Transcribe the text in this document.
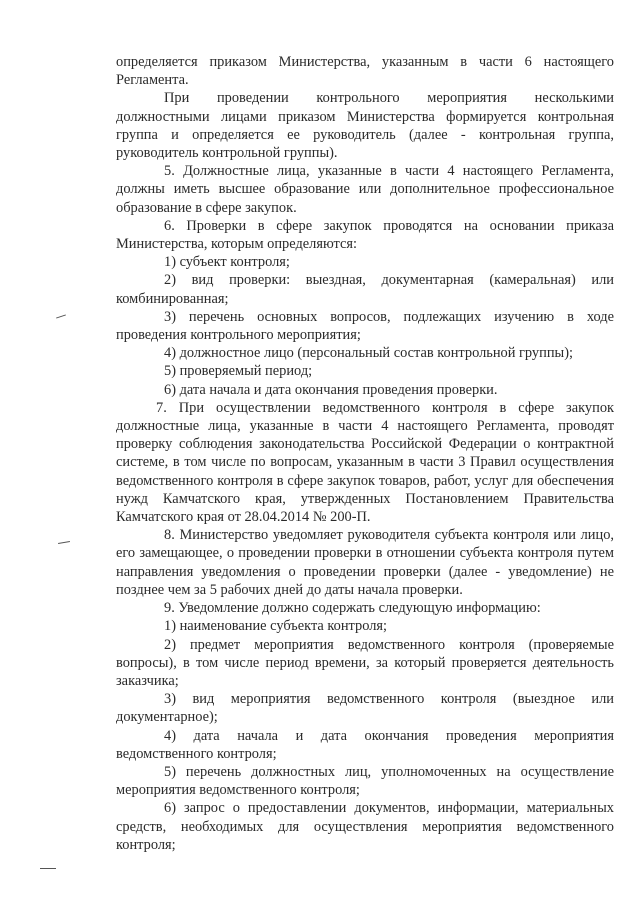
определяется приказом Министерства, указанным в части 6 настоящего Регламента.

При проведении контрольного мероприятия несколькими должностными лицами приказом Министерства формируется контрольная группа и определяется ее руководитель (далее - контрольная группа, руководитель контрольной группы).

5. Должностные лица, указанные в части 4 настоящего Регламента, должны иметь высшее образование или дополнительное профессиональное образование в сфере закупок.

6. Проверки в сфере закупок проводятся на основании приказа Министерства, которым определяются:

1) субъект контроля;

2) вид проверки: выездная, документарная (камеральная) или комбинированная;

3) перечень основных вопросов, подлежащих изучению в ходе проведения контрольного мероприятия;

4) должностное лицо (персональный состав контрольной группы);

5) проверяемый период;

6) дата начала и дата окончания проведения проверки.

7. При осуществлении ведомственного контроля в сфере закупок должностные лица, указанные в части 4 настоящего Регламента, проводят проверку соблюдения законодательства Российской Федерации о контрактной системе, в том числе по вопросам, указанным в части 3 Правил осуществления ведомственного контроля в сфере закупок товаров, работ, услуг для обеспечения нужд Камчатского края, утвержденных Постановлением Правительства Камчатского края от 28.04.2014 № 200-П.

8. Министерство уведомляет руководителя субъекта контроля или лицо, его замещающее, о проведении проверки в отношении субъекта контроля путем направления уведомления о проведении проверки (далее - уведомление) не позднее чем за 5 рабочих дней до даты начала проверки.

9. Уведомление должно содержать следующую информацию:

1) наименование субъекта контроля;

2) предмет мероприятия ведомственного контроля (проверяемые вопросы), в том числе период времени, за который проверяется деятельность заказчика;

3) вид мероприятия ведомственного контроля (выездное или документарное);

4) дата начала и дата окончания проведения мероприятия ведомственного контроля;

5) перечень должностных лиц, уполномоченных на осуществление мероприятия ведомственного контроля;

6) запрос о предоставлении документов, информации, материальных средств, необходимых для осуществления мероприятия ведомственного контроля;
